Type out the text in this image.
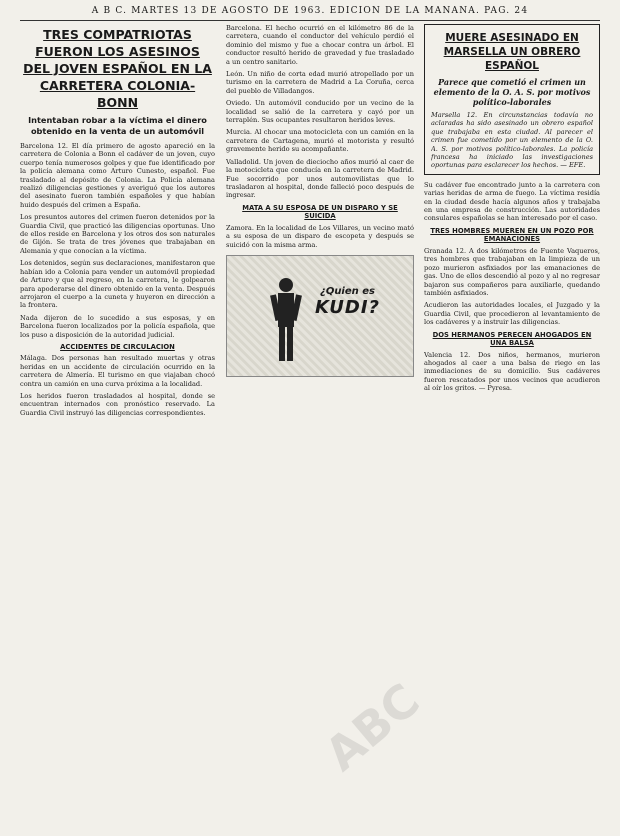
A B C. MARTES 13 DE AGOSTO DE 1963. EDICION DE LA MAÑANA. PAG. 24
TRES COMPATRIOTAS FUERON LOS ASESINOS DEL JOVEN ESPAÑOL EN LA CARRETERA COLONIA-BONN
Intentaban robar a la víctima el dinero obtenido en la venta de un automóvil

Barcelona 12. El día primero de agosto apareció en la carretera de Colonia a Bonn el cadáver de un joven, cuyo cuerpo tenía numerosos golpes y que fue identificado por la policía alemana como Arturo Cunesto, español. Fue trasladado al depósito de Colonia. La Policía alemana realizó diligencias gestiones y averiguó que los autores del asesinato fueron también españoles y que habían huido después del crimen a España.

Los presuntos autores del crimen fueron detenidos por la Guardia Civil, que practicó las diligencias oportunas. Uno de ellos reside en Barcelona y los otros dos son naturales de Gijón. Se trata de tres jóvenes que trabajaban en Alemania y que conocían a la víctima.

Los detenidos, según sus declaraciones, manifestaron que habían ido a Colonia para vender un automóvil propiedad de Arturo y que al regreso, en la carretera, le golpearon para apoderarse del dinero obtenido en la venta. Después arrojaron el cuerpo a la cuneta y huyeron en dirección a la frontera.

Nada dijeron de lo sucedido a sus esposas, y en Barcelona fueron localizados por la policía española, que los puso a disposición de la autoridad judicial.

ACCIDENTES DE CIRCULACION

Málaga. Dos personas han resultado muertas y otras heridas en un accidente de circulación ocurrido en la carretera de Almería. El turismo en que viajaban chocó contra un camión en una curva próxima a la localidad.

Los heridos fueron trasladados al hospital, donde se encuentran internados con pronóstico reservado. La Guardia Civil instruyó las diligencias correspondientes.

Barcelona. El hecho ocurrió en el kilómetro 86 de la carretera, cuando el conductor del vehículo perdió el dominio del mismo y fue a chocar contra un árbol. El conductor resultó herido de gravedad y fue trasladado a un centro sanitario.

León. Un niño de corta edad murió atropellado por un turismo en la carretera de Madrid a La Coruña, cerca del pueblo de Villadangos.

Oviedo. Un automóvil conducido por un vecino de la localidad se salió de la carretera y cayó por un terraplén. Sus ocupantes resultaron heridos leves.

Murcia. Al chocar una motocicleta con un camión en la carretera de Cartagena, murió el motorista y resultó gravemente herido su acompañante.

Valladolid. Un joven de dieciocho años murió al caer de la motocicleta que conducía en la carretera de Madrid. Fue socorrido por unos automovilistas que lo trasladaron al hospital, donde falleció poco después de ingresar.

MATA A SU ESPOSA DE UN DISPARO Y SE SUICIDA

Zamora. En la localidad de Los Villares, un vecino mató a su esposa de un disparo de escopeta y después se suicidó con la misma arma.

¿Quien es
KUDI?
MUERE ASESINADO EN MARSELLA UN OBRERO ESPAÑOL
Parece que cometió el crimen un elemento de la O. A. S. por motivos político-laborales

Marsella 12. En circunstancias todavía no aclaradas ha sido asesinado un obrero español que trabajaba en esta ciudad. Al parecer el crimen fue cometido por un elemento de la O. A. S. por motivos político-laborales. La policía francesa ha iniciado las investigaciones oportunas para esclarecer los hechos. — EFE.

Su cadáver fue encontrado junto a la carretera con varias heridas de arma de fuego. La víctima residía en la ciudad desde hacía algunos años y trabajaba en una empresa de construcción. Las autoridades consulares españolas se han interesado por el caso.

TRES HOMBRES MUEREN EN UN POZO POR EMANACIONES

Granada 12. A dos kilómetros de Fuente Vaqueros, tres hombres que trabajaban en la limpieza de un pozo murieron asfixiados por las emanaciones de gas. Uno de ellos descendió al pozo y al no regresar bajaron sus compañeros para auxiliarle, quedando también asfixiados.

Acudieron las autoridades locales, el Juzgado y la Guardia Civil, que procedieron al levantamiento de los cadáveres y a instruir las diligencias.

DOS HERMANOS PERECEN AHOGADOS EN UNA BALSA

Valencia 12. Dos niños, hermanos, murieron ahogados al caer a una balsa de riego en las inmediaciones de su domicilio. Sus cadáveres fueron rescatados por unos vecinos que acudieron al oír los gritos. — Pyresa.

ABC
